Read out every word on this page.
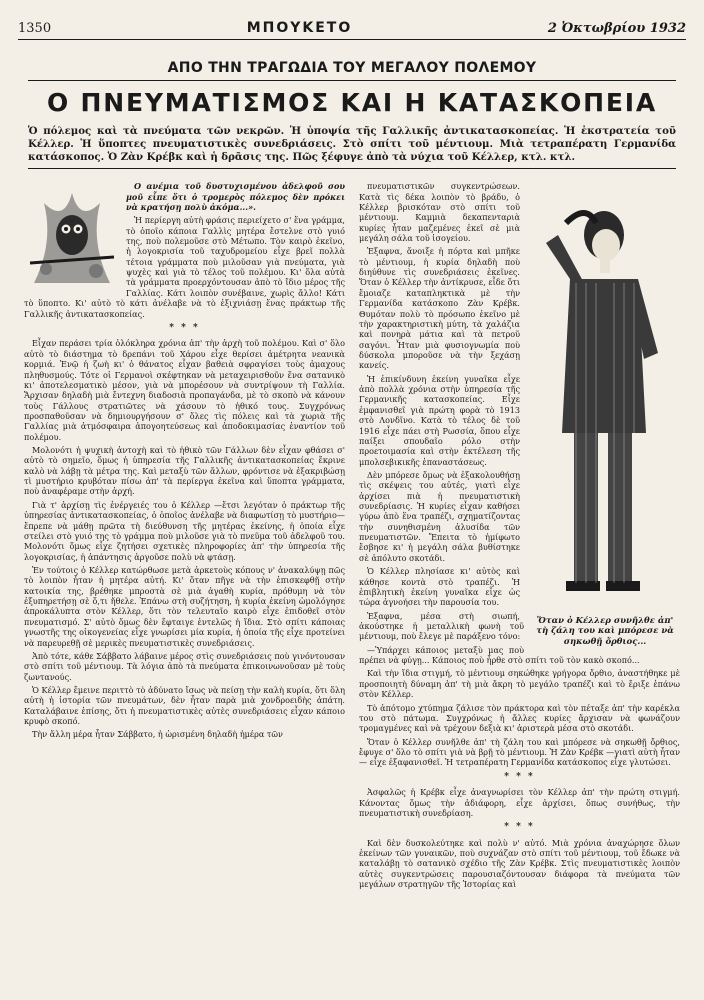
1350	ΜΠΟΥΚΕΤΟ	2 Ὀκτωβρίου 1932
ΑΠΟ ΤΗΝ ΤΡΑΓΩΔΙΑ ΤΟΥ ΜΕΓΑΛΟΥ ΠΟΛΕΜΟΥ
Ο ΠΝΕΥΜΑΤΙΣΜΟΣ ΚΑΙ Η ΚΑΤΑΣΚΟΠΕΙΑ
Ὁ πόλεμος καὶ τὰ πνεύματα τῶν νεκρῶν. Ἡ ὑποψία τῆς Γαλλικῆς ἀντικατασκοπείας. Ἡ ἐκστρατεία τοῦ Κέλλερ. Ἡ ὕποπτες πνευματιστικὲς συνεδριάσεις. Στὸ σπίτι τοῦ μέντιουμ. Μιὰ τετραπέρατη Γερμανίδα κατάσκοπος. Ὁ Ζὰν Κρέβκ καὶ ἡ δρᾶσις της. Πῶς ξέφυγε ἀπὸ τὰ νύχια τοῦ Κέλλερ, κτλ. κτλ.

Ο ανέμια τοῦ δυστυχισμένου ἀδελφοῦ σου μοῦ εἶπε ὅτι ὁ τρομερὸς πόλεμος δὲν πρόκει νὰ κρατήσῃ πολὺ ἀκόμα...».

Ἡ περίεργη αὐτὴ φράσις περιείχετο σ' ἕνα γράμμα, τὸ ὁποῖο κάποια Γαλλὶς μητέρα ἔστελνε στὸ γυιό της, ποὺ πολεμοῦσε στὸ Μέτωπο. Τὸν καιρὸ ἐκεῖνο, ἡ λογοκρισία τοῦ ταχυδρομείου εἶχε βρεῖ πολλὰ τέτοια γράμματα ποὺ μιλοῦσαν γιὰ πνεύματα, γιὰ ψυχὲς καὶ γιὰ τὸ τέλος τοῦ πολέμου. Κι' ὅλα αὐτὰ τὰ γράμματα προερχόντουσαν ἀπὸ τὸ ἴδιο μέρος τῆς Γαλλίας. Κάτι λοιπὸν συνέβαινε, χωρὶς ἄλλο! Κάτι τὸ ὕποπτο. Κι' αὐτὸ τὸ κάτι ἀνέλαβε νὰ τὸ ἐξιχνιάσῃ ἕνας πράκτωρ τῆς Γαλλικῆς ἀντικατασκοπείας.

* * *

Εἶχαν περάσει τρία ὁλόκληρα χρόνια ἀπ' τὴν ἀρχὴ τοῦ πολέμου. Καὶ σ' ὅλο αὐτὸ τὸ διάστημα τὸ δρεπάνι τοῦ Χάρου εἶχε θερίσει ἀμέτρητα νεανικὰ κορμιά. Ἐνῷ ἡ ζωὴ κι' ὁ θάνατος εἶχαν βαθειὰ σφραγίσει τοὺς ἀμαχους πληθυσμούς. Τότε οἱ Γερμανοὶ σκέφτηκαν νὰ μεταχειρισθοῦν ἕνα σατανικὸ κι' ἀποτελεσματικὸ μέσον, γιὰ νὰ μπορέσουν νὰ συντρίψουν τὴ Γαλλία. Ἄρχισαν δηλαδὴ μιὰ ἔντεχνη διαδοσιὰ προπαγάνδα, μὲ τὸ σκοπὸ νὰ κάνουν τοὺς Γάλλους στρατιῶτες νὰ χάσουν τὸ ἠθικό τους. Συγχρόνως προσπαθοῦσαν νὰ δημιουργήσουν σ' ὅλες τὶς πόλεις καὶ τὰ χωριὰ τῆς Γαλλίας μιὰ ἀτμόσφαιρα ἀπογοητεύσεως καὶ ἀποδοκιμασίας ἐναντίον τοῦ πολέμου.

Μολονότι ἡ ψυχικὴ ἀντοχὴ καὶ τὸ ἠθικὸ τῶν Γάλλων δὲν εἶχαν φθάσει σ' αὐτὸ τὸ σημεῖο, ὅμως ἡ ὑπηρεσία τῆς Γαλλικῆς ἀντικατασκοπείας ἔκρινε καλὸ νὰ λάβῃ τὰ μέτρα της. Καὶ μεταξὺ τῶν ἄλλων, φρόντισε νὰ ἐξακριβώσῃ τὶ μυστήριο κρυβόταν πίσω ἀπ' τὰ περίεργα ἐκεῖνα καὶ ὕποπτα γράμματα, ποὺ ἀναφέραμε στὴν ἀρχή.

Γιὰ τ' ἀρχίσῃ τὶς ἐνέργειές του ὁ Κέλλερ —ἔτσι λεγόταν ὁ πράκτωρ τῆς ὑπηρεσίας ἀντικατασκοπείας, ὁ ὁποῖος ἀνέλαβε νὰ διαφωτίσῃ τὸ μυστήριο— ἔπρεπε νὰ μάθῃ πρῶτα τὴ διεύθυνση τῆς μητέρας ἐκείνης, ἡ ὁποία εἶχε στείλει στὸ γυιό της τὸ γράμμα ποὺ μιλοῦσε γιὰ τὸ πνεῦμα τοῦ ἀδελφοῦ του. Μολονότι ὅμως εἶχε ζητήσει σχετικὲς πληροφορίες ἀπ' τὴν ὑπηρεσία τῆς λογοκρισίας, ἡ ἀπάντησις ἀργοῦσε πολὺ νὰ φτάσῃ.

Ἐν τούτοις ὁ Κέλλερ κατώρθωσε μετὰ ἀρκετοὺς κόπους ν' ἀνακαλύψῃ πῶς τὸ λοιπὸν ἦταν ἡ μητέρα αὐτή. Κι' ὅταν πῆγε νὰ τὴν ἐπισκεφθῇ στὴν κατοικία της, βρέθηκε μπροστὰ σὲ μιὰ ἀγαθὴ κυρία, πρόθυμη νὰ τὸν ἐξυπηρετήσῃ σὲ ὅ,τι ἤθελε. Ἐπάνω στὴ συζήτηση, ἡ κυρία ἐκείνη ὡμολόγησε ἀπροκάλυπτα στὸν Κέλλερ, ὅτι τὸν τελευταῖο καιρὸ εἶχε ἐπιδοθεῖ στὸν πνευματισμό. Σ' αὐτὸ ὅμως δὲν ἔφταιγε ἐντελῶς ἡ ἴδια. Στὸ σπίτι κάποιας γνωστῆς της οἰκογενείας εἶχε γνωρίσει μία κυρία, ἡ ὁποία τῆς εἶχε προτείνει νὰ παρευρεθῇ σὲ μερικὲς πνευματιστικὲς συνεδριάσεις.

Ἀπὸ τότε, κάθε Σάββατο λάβαινε μέρος στὶς συνεδριάσεις ποὺ γινόντουσαν στὸ σπίτι τοῦ μέντιουμ. Τὰ λόγια ἀπὸ τὰ πνεύματα ἐπικοινωνοῦσαν μὲ τοὺς ζωντανούς.

Ὁ Κέλλερ ἔμεινε περιττὸ τὸ ἀδύνατο ἴσως νὰ πείσῃ τὴν καλὴ κυρία, ὅτι ὅλη αὐτὴ ἡ ἱστορία τῶν πνευμάτων, δὲν ἦταν παρὰ μιὰ χονδροειδὴς ἀπάτη. Καταλάβαινε ἐπίσης, ὅτι ἡ πνευματιστικὲς αὐτὲς συνεδριάσεις εἶχαν κάποιο κρυφὸ σκοπό.

Τὴν ἄλλη μέρα ἦταν Σάββατο, ἡ ὡρισμένη δηλαδὴ ἡμέρα τῶν

Ὅταν ὁ Κέλλερ συνῆλθε ἀπ' τὴ ζάλη του καὶ μπόρεσε νὰ σηκωθῇ ὄρθιος...

πνευματιστικῶν συγκεντρώσεων. Κατὰ τὶς δέκα λοιπὸν τὸ βράδυ, ὁ Κέλλερ βρισκόταν στὸ σπίτι τοῦ μέντιουμ. Καμμιὰ δεκαπενταριὰ κυρίες ἦταν μαζεμένες ἐκεῖ σὲ μιὰ μεγάλη σάλα τοῦ ἰσογείου.

Ἐξαφνα, ἄνοιξε ἡ πόρτα καὶ μπῆκε τὸ μέντιουμ, ἡ κυρία δηλαδὴ ποὺ διηύθυνε τὶς συνεδριάσεις ἐκεῖνες. Ὅταν ὁ Κέλλερ τὴν ἀντίκρυσε, εἶδε ὅτι ἔμοιαζε καταπληκτικὰ μὲ τὴν Γερμανίδα κατάσκοπο Ζὰν Κρέβκ. Θυμόταν πολὺ τὸ πρόσωπο ἐκεῖνο μὲ τὴν χαρακτηριστικὴ μύτη, τὰ χαλάζια καὶ πονηρὰ μάτια καὶ τὰ πετροῦ σαγόνι. Ἦταν μιὰ φυσιογνωμία ποὺ δύσκολα μποροῦσε νὰ τὴν ξεχάσῃ κανείς.

Ἡ ἐπικίνδυνη ἐκείνη γυναῖκα εἶχε ἀπὸ πολλὰ χρόνια στὴν ὑπηρεσία τῆς Γερμανικῆς κατασκοπείας. Εἶχε ἐμφανισθεῖ γιὰ πρώτη φορὰ τὸ 1913 στὸ Λονδῖνο. Κατὰ τὸ τέλος δὲ τοῦ 1916 εἶχε πάει στὴ Ρωσσία, ὅπου εἶχε παίξει σπουδαῖο ρόλο στὴν προετοιμασία καὶ στὴν ἐκτέλεση τῆς μπολσεβικικῆς ἐπαναστάσεως.

Δὲν μπόρεσε ὅμως νὰ ἐξακολουθήσῃ τὶς σκέψεις του αὐτές, γιατὶ εἶχε ἀρχίσει πιὰ ἡ πνευματιστικὴ συνεδρίασις. Ἡ κυρίες εἶχαν καθήσει γύρω ἀπὸ ἕνα τραπέζι, σχηματίζοντας τὴν συνηθισμένη ἁλυσίδα τῶν πνευματιστῶν. Ἔπειτα τὸ ἡμίφωτο ἔσβησε κι' ἡ μεγάλη σάλα βυθίστηκε σὲ ἀπόλυτο σκοτάδι.

Ὁ Κέλλερ πλησίασε κι' αὐτὸς καὶ κάθησε κοντὰ στὸ τραπέζι. Ἡ ἐπιβλητικὴ ἐκείνη γυναῖκα εἶχε ὡς τώρα ἀγνοήσει τὴν παρουσία του.

Ἐξαφνα, μέσα στὴ σιωπή, ἀκούστηκε ἡ μεταλλικὴ φωνὴ τοῦ μέντιουμ, ποὺ ἔλεγε μὲ παράξενο τόνο:

—Ὑπάρχει κάποιος μεταξὺ μας ποὺ πρέπει νὰ φύγῃ... Κάποιος ποὺ ἦρθε στὸ σπίτι τοῦ τὸν κακὸ σκοπό...

Καὶ τὴν ἴδια στιγμή, τὸ μέντιουμ σηκώθηκε γρήγορα ὄρθιο, ἀναστήθηκε μὲ προσποιητὴ δύναμη ἀπ' τὴ μιὰ ἄκρη τὸ μεγάλο τραπέζι καὶ τὸ ἔριξε ἐπάνω στὸν Κέλλερ.

Τὸ ἀπότομο χτύπημα ζάλισε τὸν πράκτορα καὶ τὸν πέταξε ἀπ' τὴν καρέκλα του στὸ πάτωμα. Συγχρόνως ἡ ἄλλες κυρίες ἄρχισαν νὰ φωνάζουν τρομαγμένες καὶ νὰ τρέχουν δεξιὰ κι' ἀριστερὰ μέσα στὸ σκοτάδι.

Ὅταν ὁ Κέλλερ συνῆλθε ἀπ' τὴ ζάλη του καὶ μπόρεσε νὰ σηκωθῇ ὄρθιος, ἔφυγε σ' ὅλο τὸ σπίτι γιὰ νὰ βρῇ τὸ μέντιουμ. Ἡ Ζὰν Κρέβκ —γιατὶ αὐτὴ ἦταν— εἶχε ἐξαφανισθεῖ. Ἡ τετραπέρατη Γερμανίδα κατάσκοπος εἶχε γλυτώσει.

* * *

Ἀσφαλῶς ἡ Κρέβκ εἶχε ἀναγνωρίσει τὸν Κέλλερ ἀπ' τὴν πρώτη στιγμή. Κάνοντας ὅμως τὴν ἀδιάφορη, εἶχε ἀρχίσει, ὅπως συνήθως, τὴν πνευματιστικὴ συνεδρίαση.

* * *

Καὶ δὲν δυσκολεύτηκε καὶ πολὺ ν' αὐτό. Μιὰ χρόνια ἀναχώρησε ὅλων ἐκείνων τῶν γυναικῶν, ποὺ συχνάζαν στὸ σπίτι τοῦ μέντιουμ, τοῦ ἔδωκε νὰ καταλάβῃ τὸ σατανικὸ σχέδιο τῆς Ζὰν Κρέβκ. Στὶς πνευματιστικὲς λοιπὸν αὐτὲς συγκεντρώσεις παρουσιαζόντουσαν διάφορα τὰ πνεύματα τῶν μεγάλων στρατηγῶν τῆς Ἱστορίας καὶ
